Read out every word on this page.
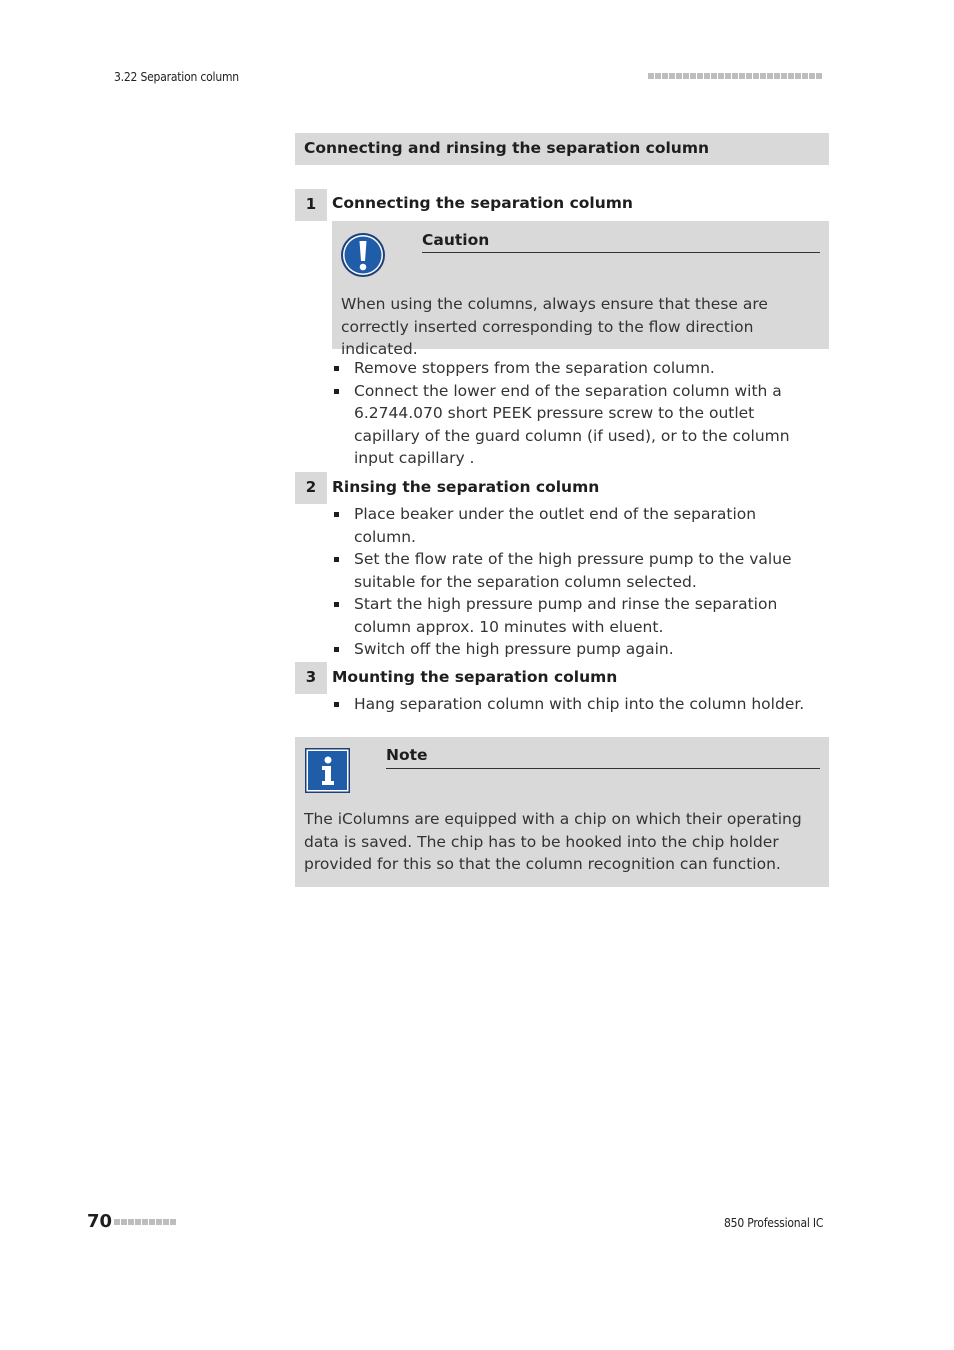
3.22 Separation column
Connecting and rinsing the separation column
1	Connecting the separation column
Caution
When using the columns, always ensure that these are correctly inserted corresponding to the flow direction indicated.
Remove stoppers from the separation column.
Connect the lower end of the separation column with a 6.2744.070 short PEEK pressure screw to the outlet capillary of the guard column (if used), or to the column input capillary .
2	Rinsing the separation column
Place beaker under the outlet end of the separation column.
Set the flow rate of the high pressure pump to the value suitable for the separation column selected.
Start the high pressure pump and rinse the separation column approx. 10 minutes with eluent.
Switch off the high pressure pump again.
3	Mounting the separation column
Hang separation column with chip into the column holder.
Note
The iColumns are equipped with a chip on which their operating data is saved. The chip has to be hooked into the chip holder provided for this so that the column recognition can function.
70	850 Professional IC
